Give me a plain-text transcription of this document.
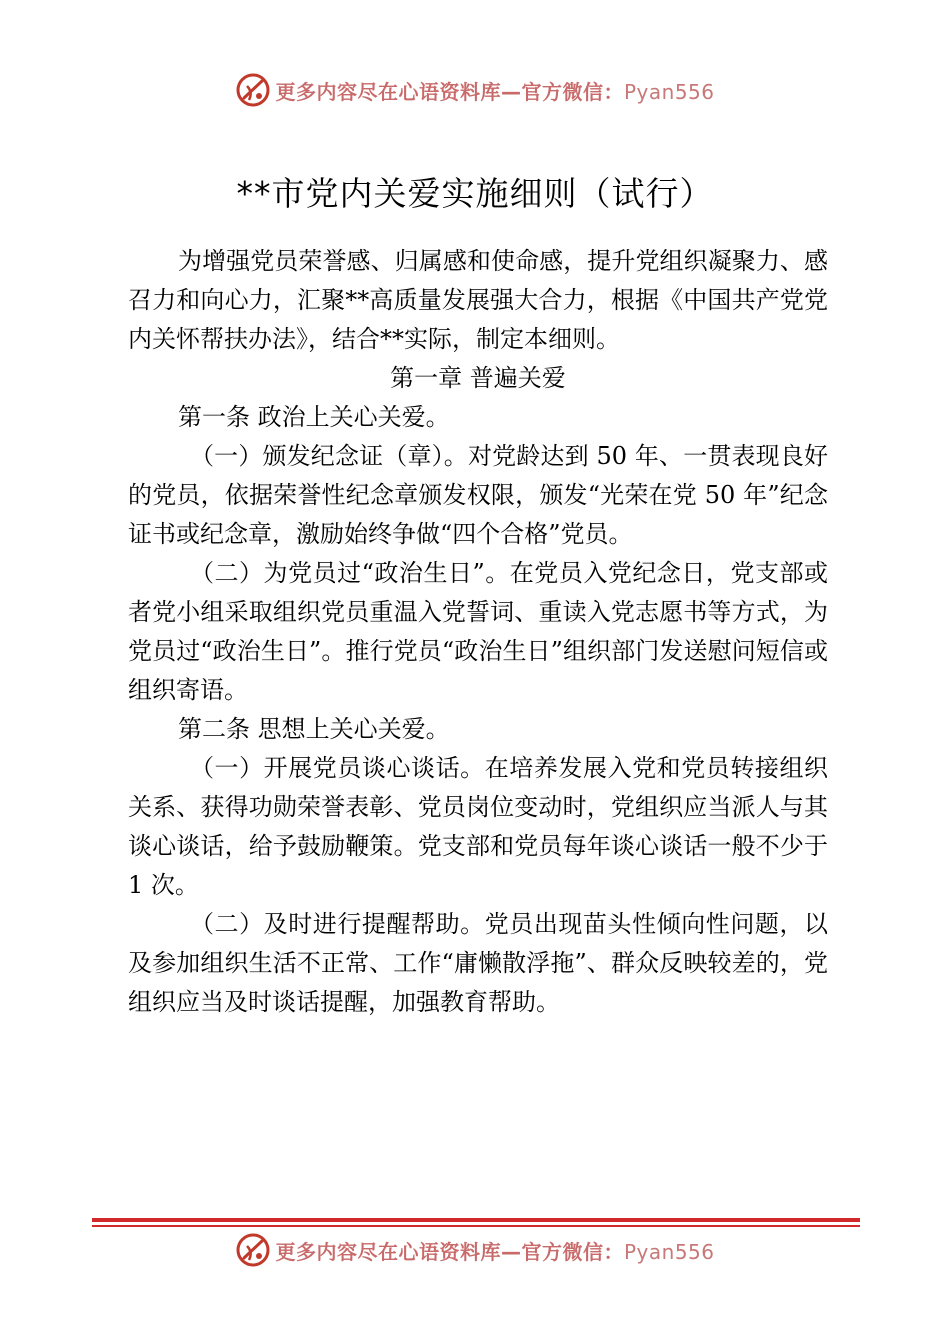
更多内容尽在心语资料库—官方微信：Pyan556
**市党内关爱实施细则（试行）

为增强党员荣誉感、归属感和使命感，提升党组织凝聚力、感召力和向心力，汇聚**高质量发展强大合力，根据《中国共产党党内关怀帮扶办法》，结合**实际，制定本细则。

第一章 普遍关爱

第一条 政治上关心关爱。

（一）颁发纪念证（章）。对党龄达到 50 年、一贯表现良好的党员，依据荣誉性纪念章颁发权限，颁发“光荣在党 50 年”纪念证书或纪念章，激励始终争做“四个合格”党员。

（二）为党员过“政治生日”。在党员入党纪念日，党支部或者党小组采取组织党员重温入党誓词、重读入党志愿书等方式，为党员过“政治生日”。推行党员“政治生日”组织部门发送慰问短信或组织寄语。

第二条 思想上关心关爱。

（一）开展党员谈心谈话。在培养发展入党和党员转接组织关系、获得功勋荣誉表彰、党员岗位变动时，党组织应当派人与其谈心谈话，给予鼓励鞭策。党支部和党员每年谈心谈话一般不少于 1 次。

（二）及时进行提醒帮助。党员出现苗头性倾向性问题，以及参加组织生活不正常、工作“庸懒散浮拖”、群众反映较差的，党组织应当及时谈话提醒，加强教育帮助。

更多内容尽在心语资料库—官方微信：Pyan556
